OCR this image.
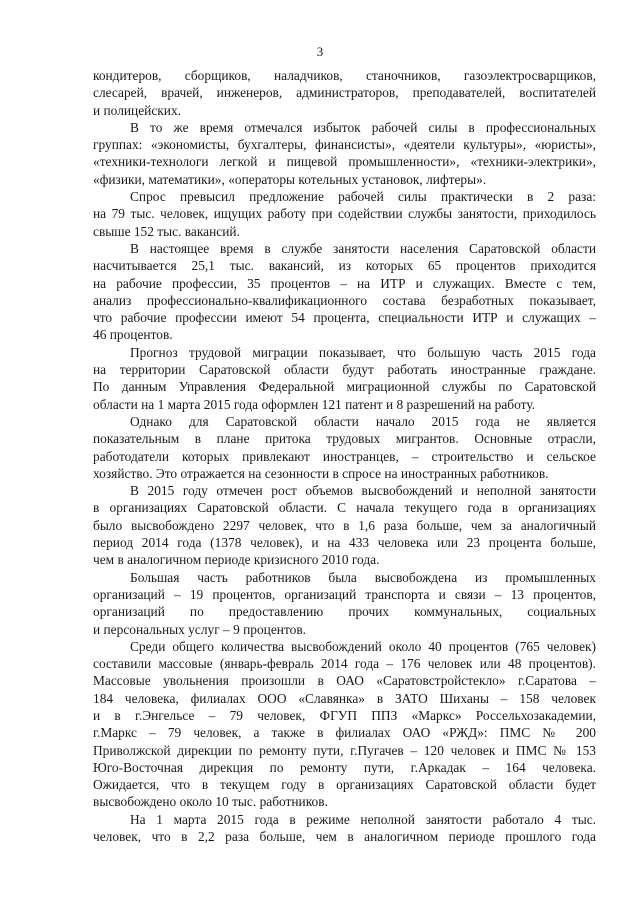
3
кондитеров, сборщиков, наладчиков, станочников, газоэлектросварщиков,
слесарей, врачей, инженеров, администраторов, преподавателей, воспитателей
и полицейских.
В то же время отмечался избыток рабочей силы в профессиональных
группах: «экономисты, бухгалтеры, финансисты», «деятели культуры», «юристы»,
«техники-технологи легкой и пищевой промышленности», «техники-электрики»,
«физики, математики», «операторы котельных установок, лифтеры».
Спрос превысил предложение рабочей силы практически в 2 раза:
на 79 тыс. человек, ищущих работу при содействии службы занятости, приходилось
свыше 152 тыс. вакансий.
В настоящее время в службе занятости населения Саратовской области
насчитывается 25,1 тыс. вакансий, из которых 65 процентов приходится
на рабочие профессии, 35 процентов – на ИТР и служащих. Вместе с тем,
анализ профессионально-квалификационного состава безработных показывает,
что рабочие профессии имеют 54 процента, специальности ИТР и служащих –
46 процентов.
Прогноз трудовой миграции показывает, что большую часть 2015 года
на территории Саратовской области будут работать иностранные граждане.
По данным Управления Федеральной миграционной службы по Саратовской
области на 1 марта 2015 года оформлен 121 патент и 8 разрешений на работу.
Однако для Саратовской области начало 2015 года не является
показательным в плане притока трудовых мигрантов. Основные отрасли,
работодатели которых привлекают иностранцев, – строительство и сельское
хозяйство. Это отражается на сезонности в спросе на иностранных работников.
В 2015 году отмечен рост объемов высвобождений и неполной занятости
в организациях Саратовской области. С начала текущего года в организациях
было высвобождено 2297 человек, что в 1,6 раза больше, чем за аналогичный
период 2014 года (1378 человек), и на 433 человека или 23 процента больше,
чем в аналогичном периоде кризисного 2010 года.
Большая часть работников была высвобождена из промышленных
организаций – 19 процентов, организаций транспорта и связи – 13 процентов,
организаций по предоставлению прочих коммунальных, социальных
и персональных услуг – 9 процентов.
Среди общего количества высвобождений около 40 процентов (765 человек)
составили массовые (январь-февраль 2014 года – 176 человек или 48 процентов).
Массовые увольнения произошли в ОАО «Саратовстройстекло» г.Саратова –
184 человека, филиалах ООО «Славянка» в ЗАТО Шиханы – 158 человек
и в г.Энгельсе – 79 человек, ФГУП ППЗ «Маркс» Россельхозакадемии,
г.Маркс – 79 человек, а также в филиалах ОАО «РЖД»: ПМС № 200
Приволжской дирекции по ремонту пути, г.Пугачев – 120 человек и ПМС № 153
Юго-Восточная дирекция по ремонту пути, г.Аркадак – 164 человека.
Ожидается, что в текущем году в организациях Саратовской области будет
высвобождено около 10 тыс. работников.
На 1 марта 2015 года в режиме неполной занятости работало 4 тыс.
человек, что в 2,2 раза больше, чем в аналогичном периоде прошлого года
